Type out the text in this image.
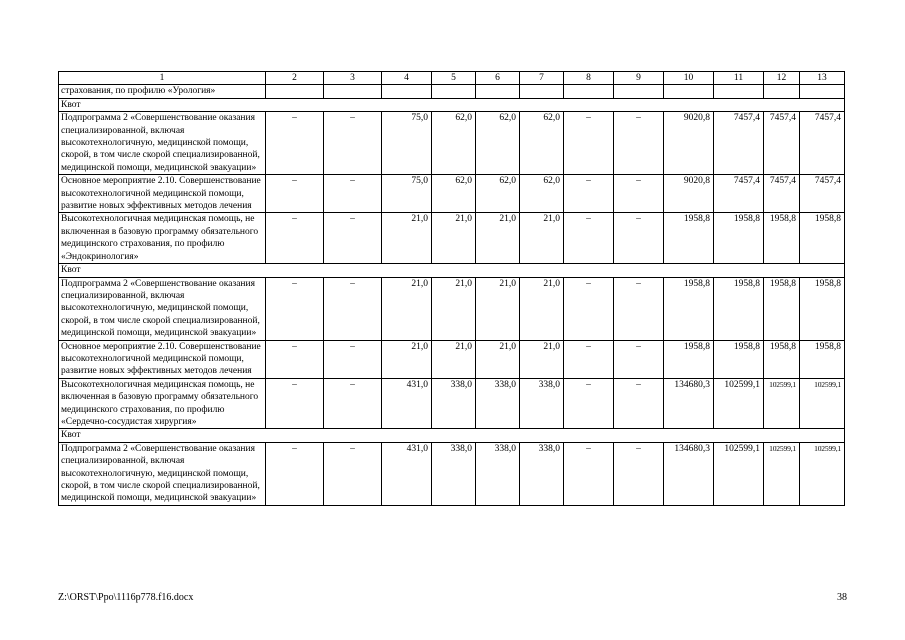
1	2	3	4	5	6	7	8	9	10	11	12	13
страхования, по профилю «Урология»												
Квот												
Подпрограмма 2 «Совершенствование оказания специализированной, включая высокотехнологичную, медицинской помощи, скорой, в том числе скорой специализированной, медицинской помощи, медицинской эвакуации»	–	–	75,0	62,0	62,0	62,0	–	–	9020,8	7457,4	7457,4	7457,4
Основное мероприятие 2.10. Совершенствование высокотехнологичной медицинской помощи, развитие новых эффективных методов лечения	–	–	75,0	62,0	62,0	62,0	–	–	9020,8	7457,4	7457,4	7457,4
Высокотехнологичная медицинская помощь, не включенная в базовую программу обязательного медицинского страхования, по профилю «Эндокринология»	–	–	21,0	21,0	21,0	21,0	–	–	1958,8	1958,8	1958,8	1958,8
Квот												
Подпрограмма 2 «Совершенствование оказания специализированной, включая высокотехнологичную, медицинской помощи, скорой, в том числе скорой специализированной, медицинской помощи, медицинской эвакуации»	–	–	21,0	21,0	21,0	21,0	–	–	1958,8	1958,8	1958,8	1958,8
Основное мероприятие 2.10. Совершенствование высокотехнологичной медицинской помощи, развитие новых эффективных методов лечения	–	–	21,0	21,0	21,0	21,0	–	–	1958,8	1958,8	1958,8	1958,8
Высокотехнологичная медицинская помощь, не включенная в базовую программу обязательного медицинского страхования, по профилю «Сердечно-сосудистая хирургия»	–	–	431,0	338,0	338,0	338,0	–	–	134680,3	102599,1	102599,1	102599,1
Квот												
Подпрограмма 2 «Совершенствование оказания специализированной, включая высокотехнологичную, медицинской помощи, скорой, в том числе скорой специализированной, медицинской помощи, медицинской эвакуации»	–	–	431,0	338,0	338,0	338,0	–	–	134680,3	102599,1	102599,1	102599,1
Z:\ORST\Ppo\1116p778.f16.docx	38
